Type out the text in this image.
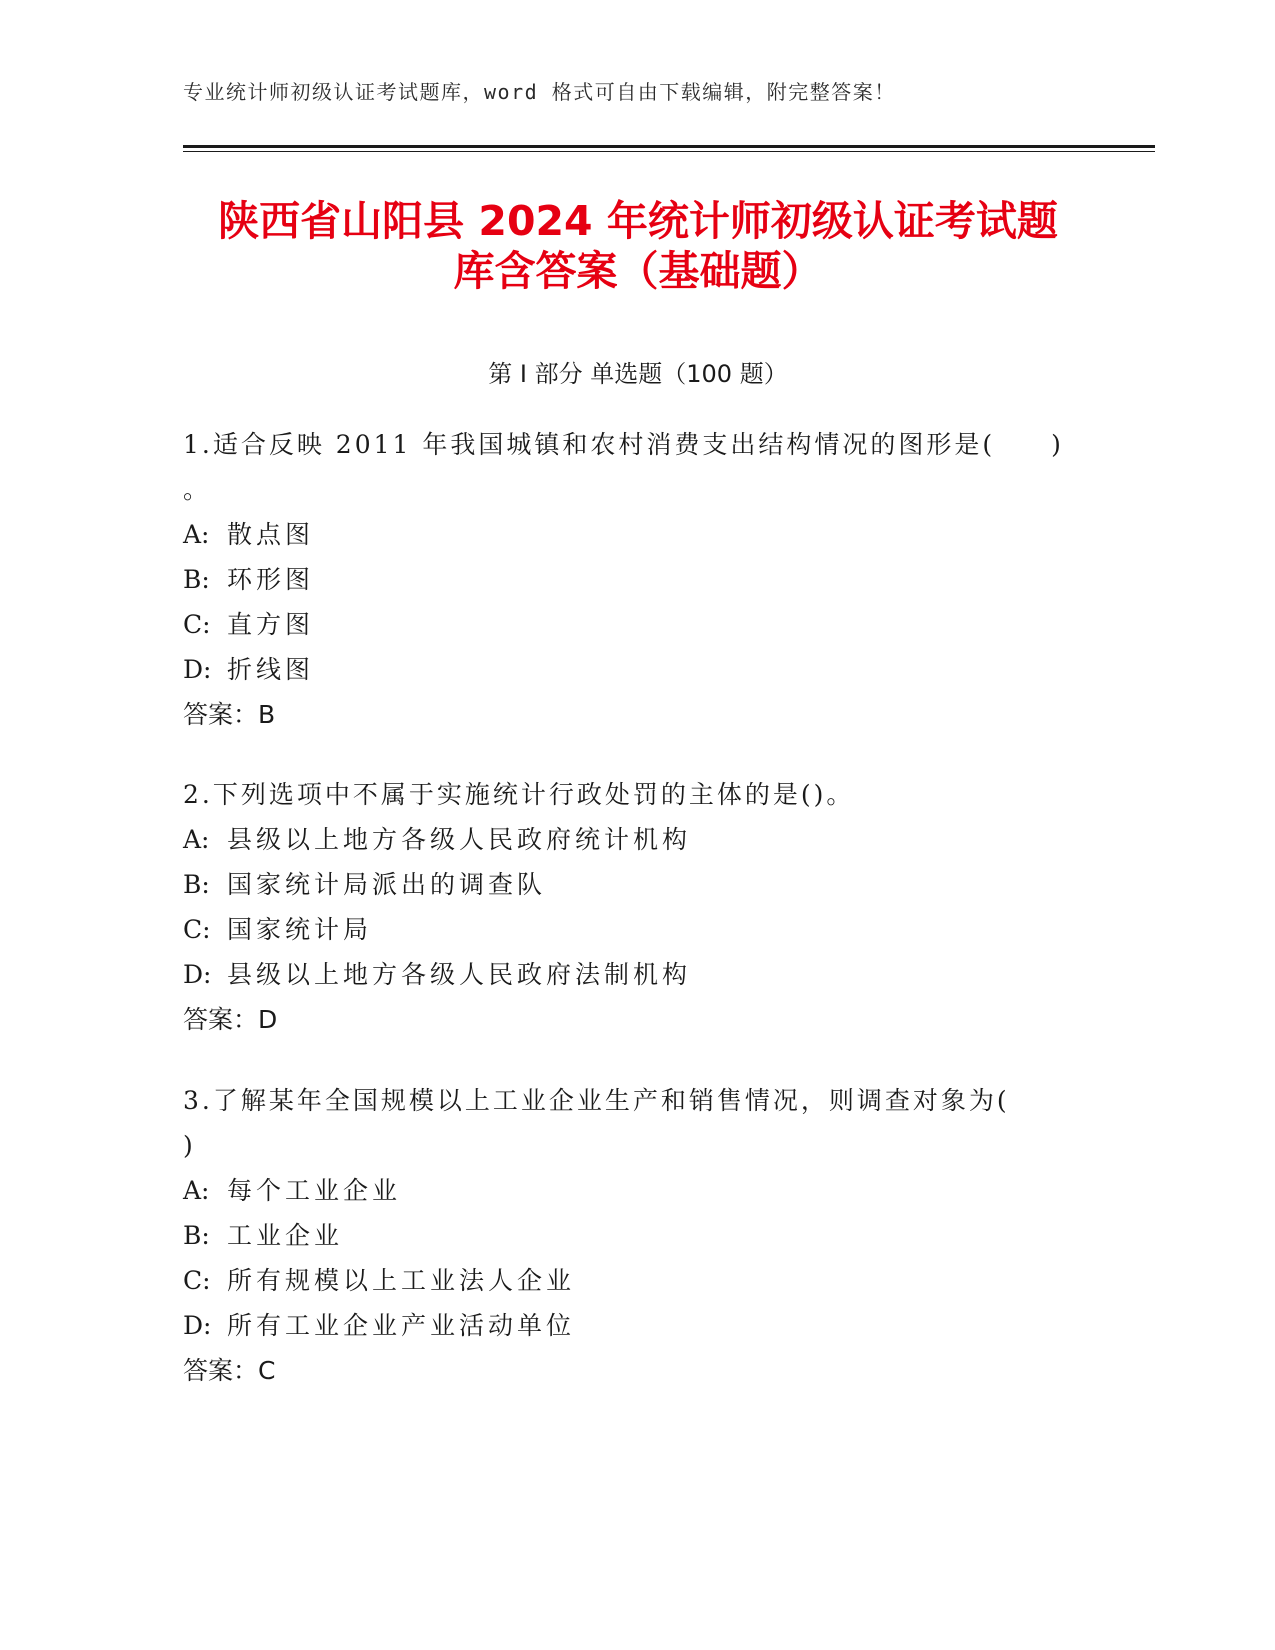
专业统计师初级认证考试题库，word 格式可自由下载编辑，附完整答案！
陕西省山阳县 2024 年统计师初级认证考试题
库含答案（基础题）
第 I 部分 单选题（100 题）
1.适合反映 2011 年我国城镇和农村消费支出结构情况的图形是(　　)
。
A: 散点图
B: 环形图
C: 直方图
D: 折线图
答案：B
2.下列选项中不属于实施统计行政处罚的主体的是()。
A: 县级以上地方各级人民政府统计机构
B: 国家统计局派出的调查队
C: 国家统计局
D: 县级以上地方各级人民政府法制机构
答案：D
3.了解某年全国规模以上工业企业生产和销售情况，则调查对象为(
)
A: 每个工业企业
B: 工业企业
C: 所有规模以上工业法人企业
D: 所有工业企业产业活动单位
答案：C
